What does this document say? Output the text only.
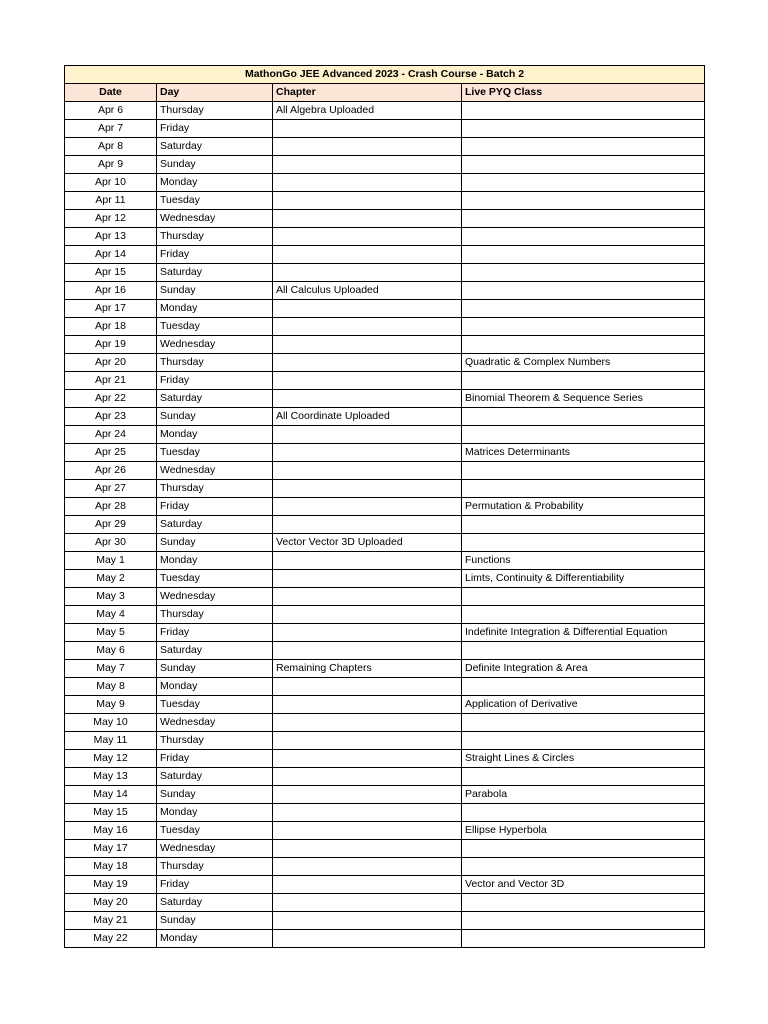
MathonGo JEE Advanced 2023 - Crash Course - Batch 2			
Date	Day	Chapter	Live PYQ Class
Apr 6	Thursday	All Algebra Uploaded	
Apr 7	Friday		
Apr 8	Saturday		
Apr 9	Sunday		
Apr 10	Monday		
Apr 11	Tuesday		
Apr 12	Wednesday		
Apr 13	Thursday		
Apr 14	Friday		
Apr 15	Saturday		
Apr 16	Sunday	All Calculus Uploaded	
Apr 17	Monday		
Apr 18	Tuesday		
Apr 19	Wednesday		
Apr 20	Thursday		Quadratic & Complex Numbers
Apr 21	Friday		
Apr 22	Saturday		Binomial Theorem & Sequence Series
Apr 23	Sunday	All Coordinate Uploaded	
Apr 24	Monday		
Apr 25	Tuesday		Matrices Determinants
Apr 26	Wednesday		
Apr 27	Thursday		
Apr 28	Friday		Permutation & Probability
Apr 29	Saturday		
Apr 30	Sunday	Vector Vector 3D Uploaded	
May 1	Monday		Functions
May 2	Tuesday		Limts, Continuity & Differentiability
May 3	Wednesday		
May 4	Thursday		
May 5	Friday		Indefinite Integration & Differential Equation
May 6	Saturday		
May 7	Sunday	Remaining Chapters	Definite Integration & Area
May 8	Monday		
May 9	Tuesday		Application of Derivative
May 10	Wednesday		
May 11	Thursday		
May 12	Friday		Straight Lines & Circles
May 13	Saturday		
May 14	Sunday		Parabola
May 15	Monday		
May 16	Tuesday		Ellipse Hyperbola
May 17	Wednesday		
May 18	Thursday		
May 19	Friday		Vector and Vector 3D
May 20	Saturday		
May 21	Sunday		
May 22	Monday		
